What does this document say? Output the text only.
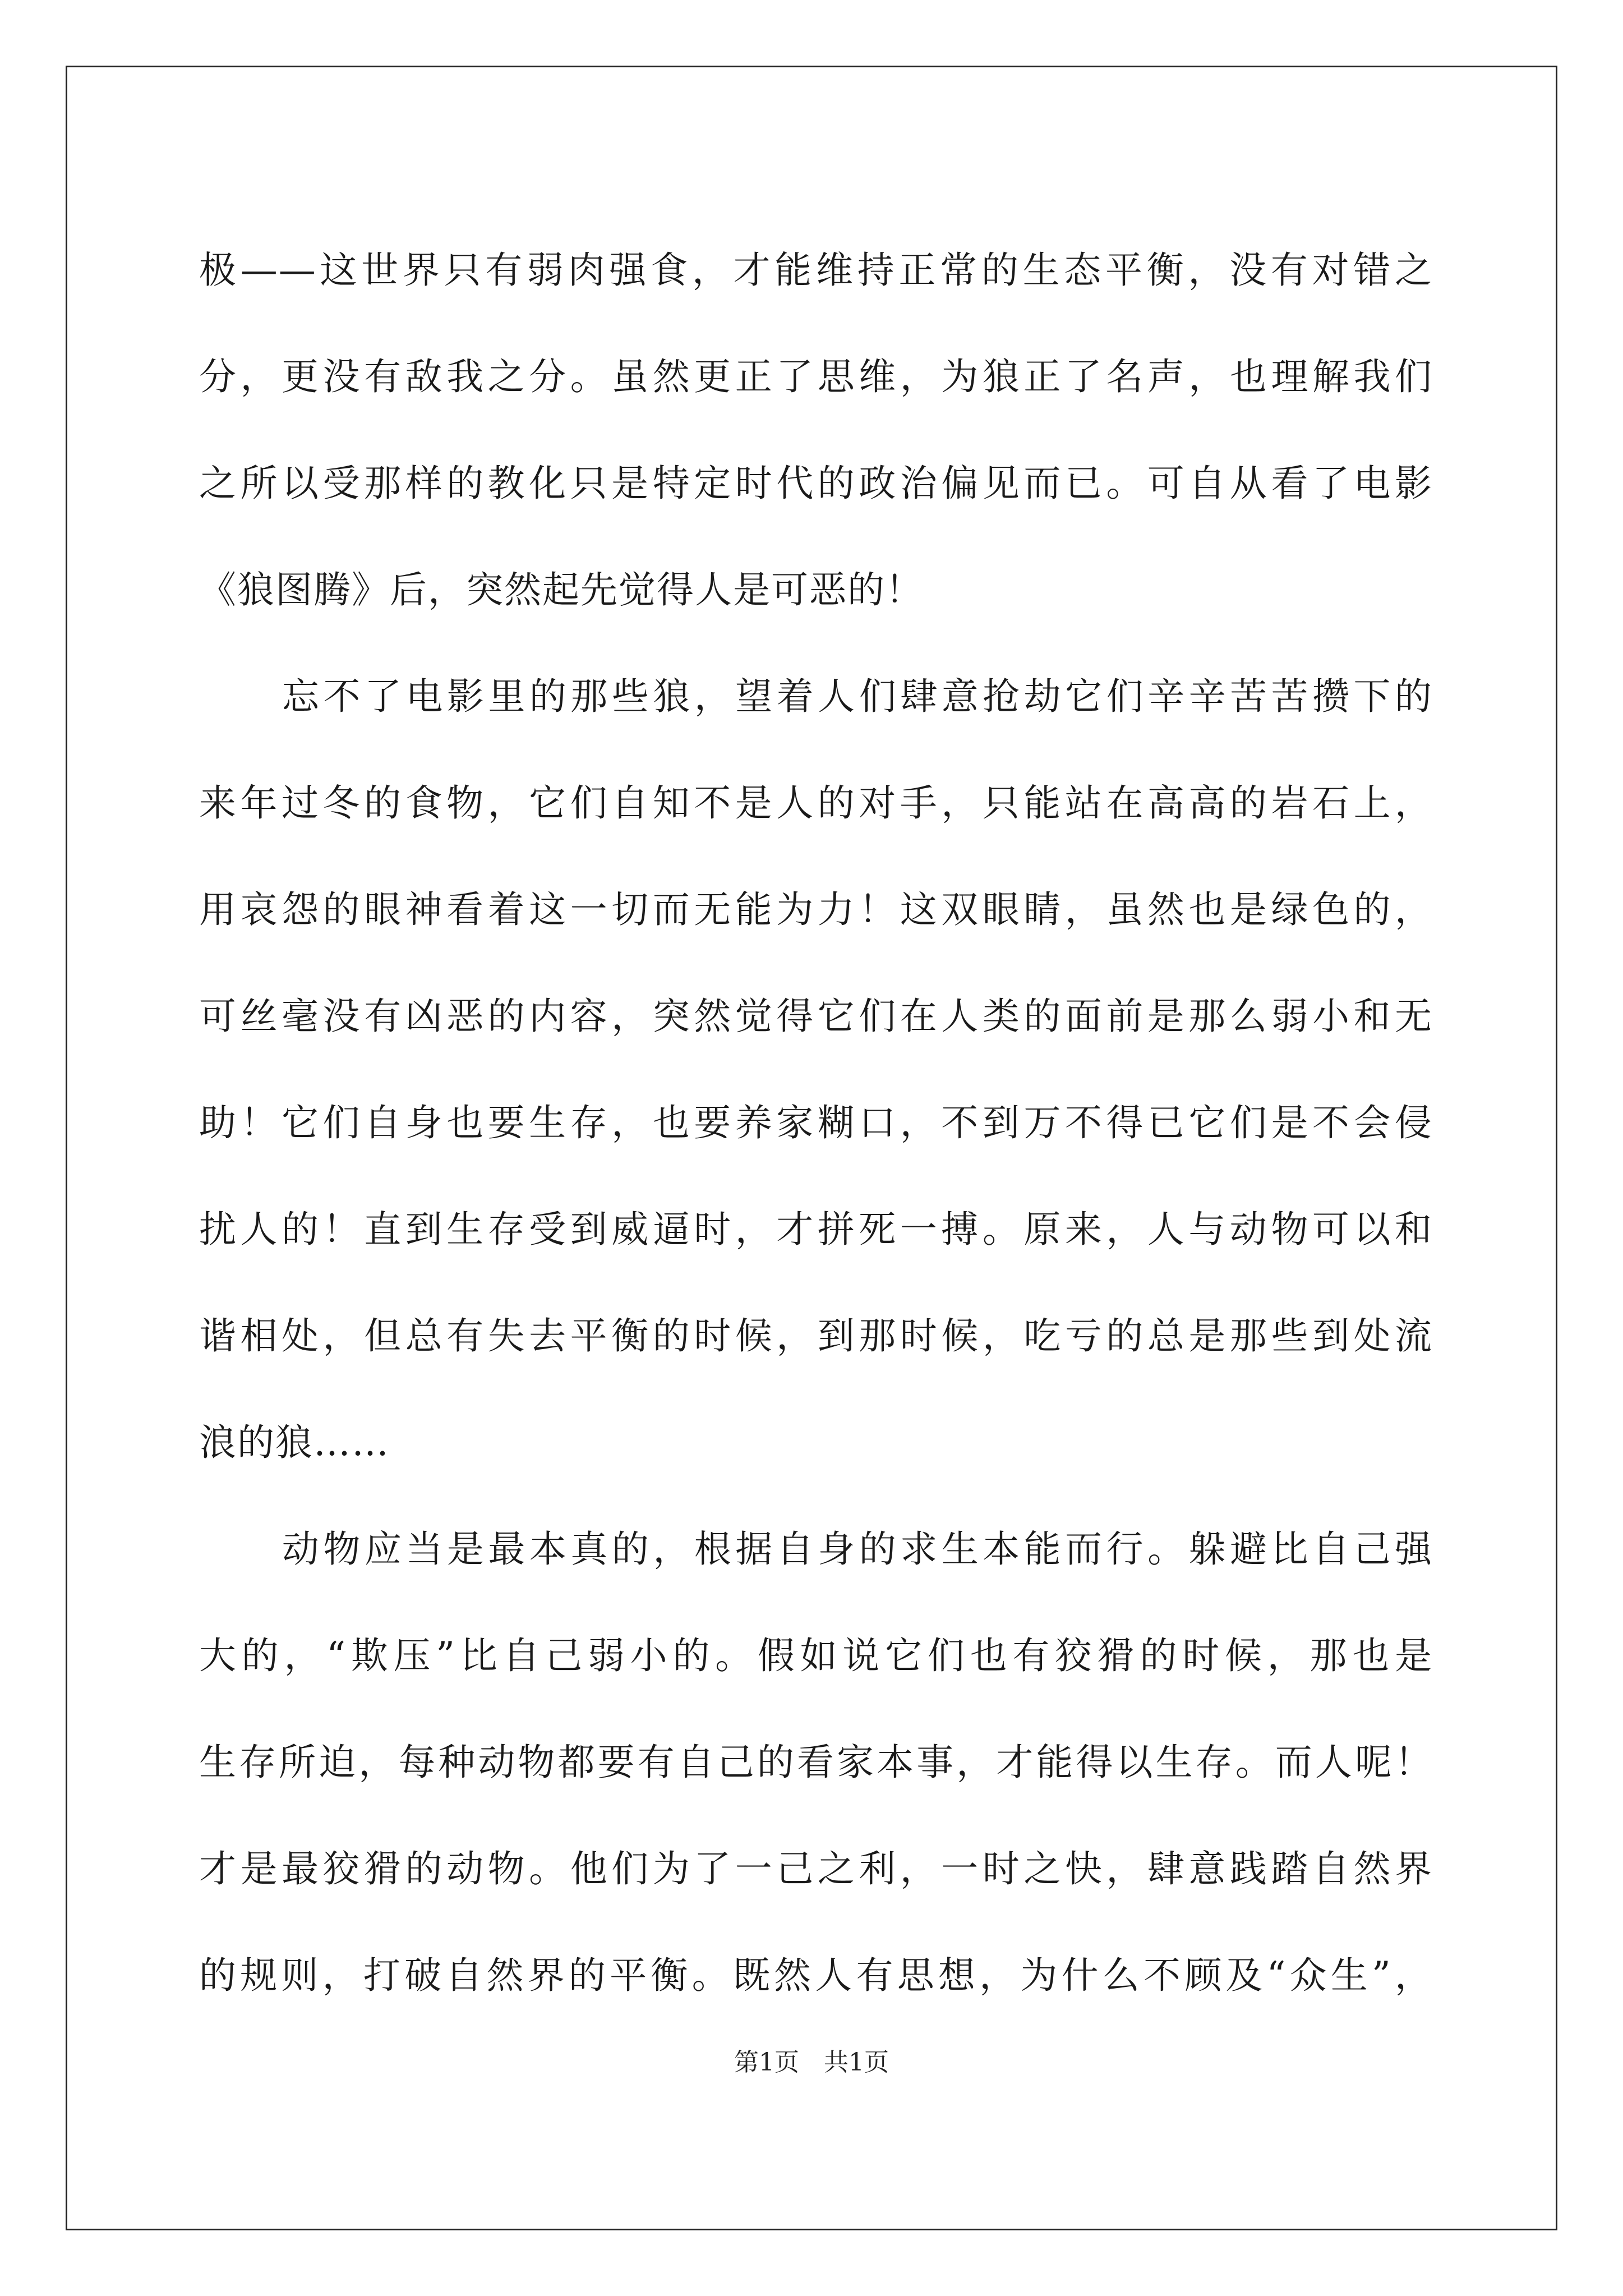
极——这世界只有弱肉强食，才能维持正常的生态平衡，没有对错之
分，更没有敌我之分。虽然更正了思维，为狼正了名声，也理解我们
之所以受那样的教化只是特定时代的政治偏见而已。可自从看了电影
《狼图腾》后，突然起先觉得人是可恶的！
忘不了电影里的那些狼，望着人们肆意抢劫它们辛辛苦苦攒下的
来年过冬的食物，它们自知不是人的对手，只能站在高高的岩石上，
用哀怨的眼神看着这一切而无能为力！这双眼睛，虽然也是绿色的，
可丝毫没有凶恶的内容，突然觉得它们在人类的面前是那么弱小和无
助！它们自身也要生存，也要养家糊口，不到万不得已它们是不会侵
扰人的！直到生存受到威逼时，才拼死一搏。原来，人与动物可以和
谐相处，但总有失去平衡的时候，到那时候，吃亏的总是那些到处流
浪的狼……
动物应当是最本真的，根据自身的求生本能而行。躲避比自己强
大的，“欺压”比自己弱小的。假如说它们也有狡猾的时候，那也是
生存所迫，每种动物都要有自己的看家本事，才能得以生存。而人呢！
才是最狡猾的动物。他们为了一己之利，一时之快，肆意践踏自然界
的规则，打破自然界的平衡。既然人有思想，为什么不顾及“众生”，
第1页　共1页
